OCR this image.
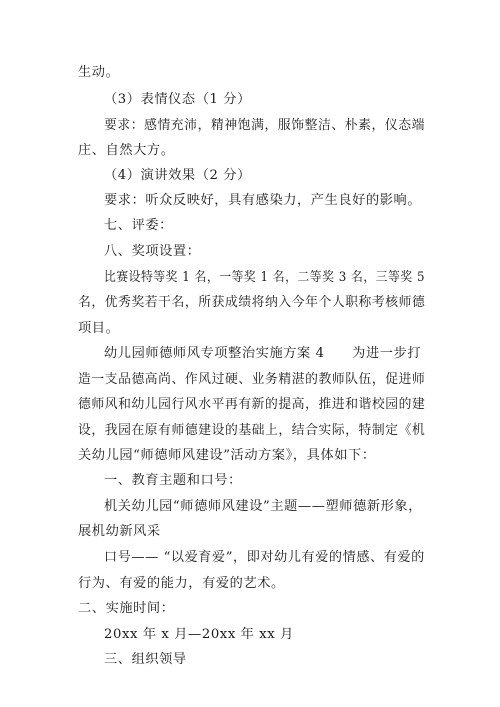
生动。
（3）表情仪态（1 分）
要求：感情充沛，精神饱满，服饰整洁、朴素，仪态端
庄、自然大方。
（4）演讲效果（2 分）
要求：听众反映好，具有感染力，产生良好的影响。
七、评委：
八、奖项设置：
比赛设特等奖 1 名，一等奖 1 名，二等奖 3 名，三等奖 5
名，优秀奖若干名，所获成绩将纳入今年个人职称考核师德
项目。
幼儿园师德师风专项整治实施方案 4　　为进一步打
造一支品德高尚、作风过硬、业务精湛的教师队伍，促进师
德师风和幼儿园行风水平再有新的提高，推进和谐校园的建
设，我园在原有师德建设的基础上，结合实际，特制定《机
关幼儿园“师德师风建设”活动方案》，具体如下：
一、教育主题和口号：
机关幼儿园“师德师风建设”主题——塑师德新形象，
展机幼新风采
口号—— “以爱育爱”，即对幼儿有爱的情感、有爱的
行为、有爱的能力，有爱的艺术。
二、实施时间：
20xx 年 x 月—20xx 年 xx 月
三、组织领导
